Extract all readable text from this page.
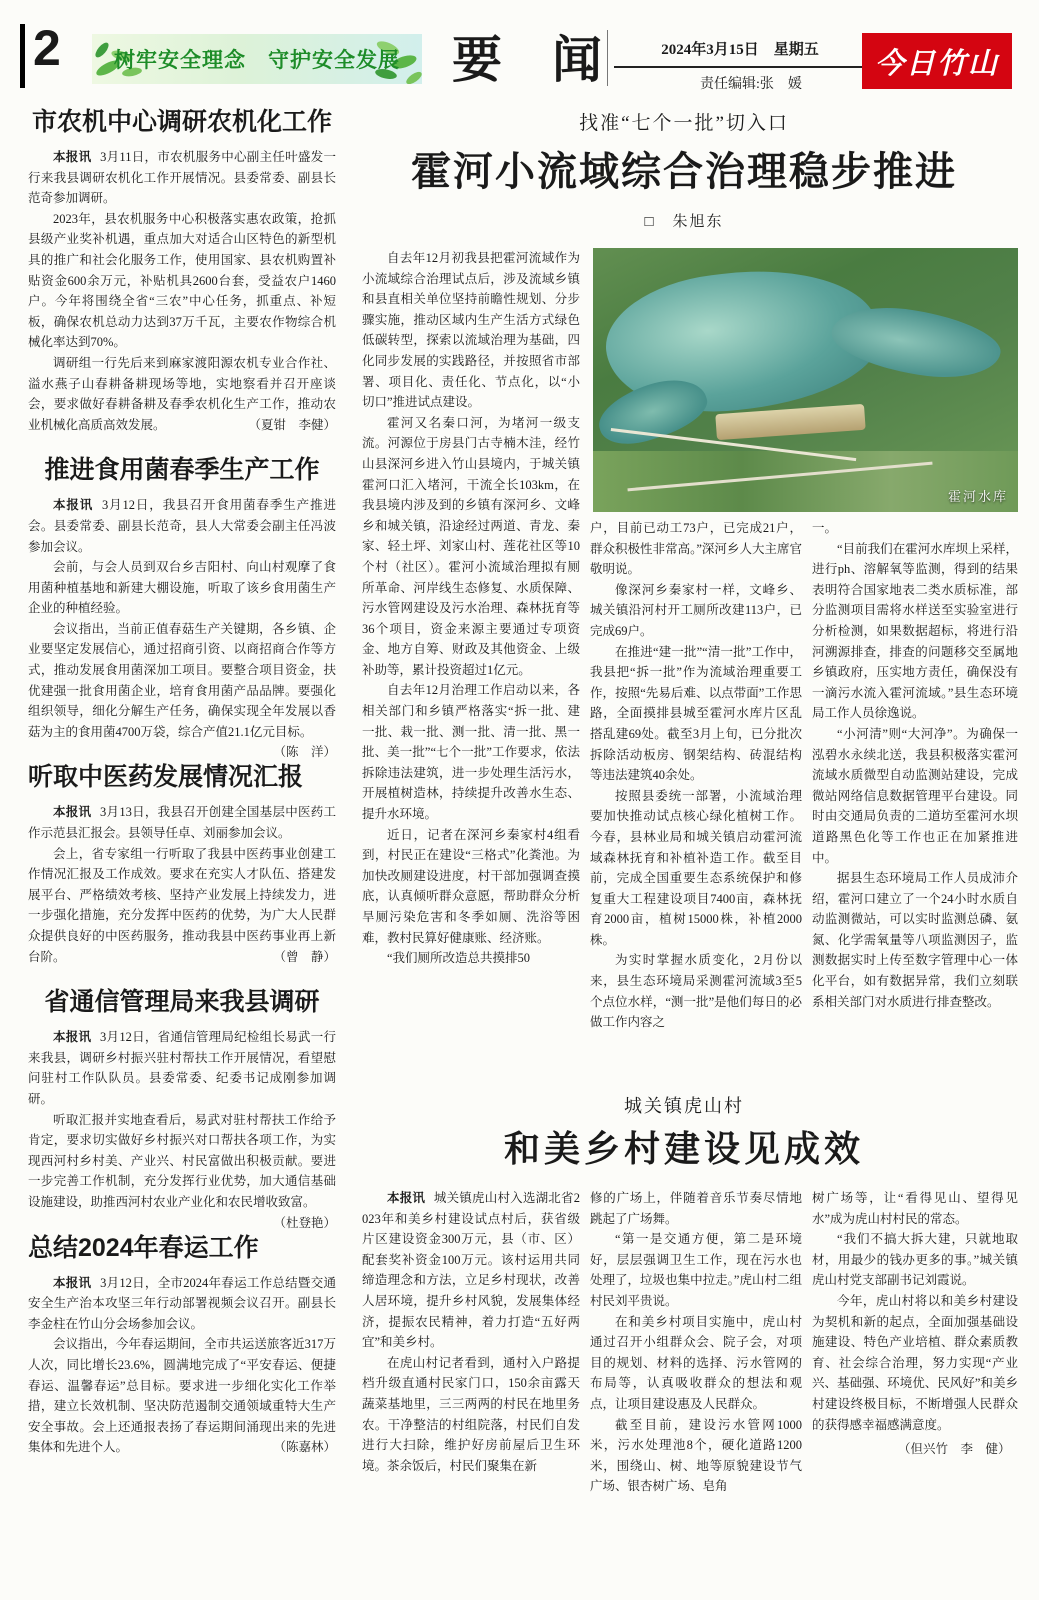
2	树牢安全理念　守护安全发展 要　闻	2024年3月15日　星期五
责任编辑:张　媛
今日竹山
市农机中心调研农机化工作

本报讯 3月11日，市农机服务中心副主任叶盛发一行来我县调研农机化工作开展情况。县委常委、副县长范奇参加调研。

2023年，县农机服务中心积极落实惠农政策，抢抓县级产业奖补机遇，重点加大对适合山区特色的新型机具的推广和社会化服务工作，使用国家、县农机购置补贴资金600余万元，补贴机具2600台套，受益农户1460户。今年将围绕全省“三农”中心任务，抓重点、补短板，确保农机总动力达到37万千瓦，主要农作物综合机械化率达到70%。

调研组一行先后来到麻家渡阳源农机专业合作社、溢水燕子山春耕备耕现场等地，实地察看并召开座谈会，要求做好春耕备耕及春季农机化生产工作，推动农业机械化高质高效发展。	（夏钳　李健）

推进食用菌春季生产工作

本报讯 3月12日，我县召开食用菌春季生产推进会。县委常委、副县长范奇，县人大常委会副主任冯波参加会议。

会前，与会人员到双台乡吉阳村、向山村观摩了食用菌种植基地和新建大棚设施，听取了该乡食用菌生产企业的种植经验。

会议指出，当前正值春菇生产关键期，各乡镇、企业要坚定发展信心，通过招商引资、以商招商合作等方式，推动发展食用菌深加工项目。要整合项目资金，扶优建强一批食用菌企业，培育食用菌产品品牌。要强化组织领导，细化分解生产任务，确保实现全年发展以香菇为主的食用菌4700万袋，综合产值21.1亿元目标。
（陈　洋）

听取中医药发展情况汇报

本报讯 3月13日，我县召开创建全国基层中医药工作示范县汇报会。县领导任卓、刘丽参加会议。

会上，省专家组一行听取了我县中医药事业创建工作情况汇报及工作成效。要求在充实人才队伍、搭建发展平台、严格绩效考核、坚持产业发展上持续发力，进一步强化措施，充分发挥中医药的优势，为广大人民群众提供良好的中医药服务，推动我县中医药事业再上新台阶。	（曾　静）

省通信管理局来我县调研

本报讯 3月12日，省通信管理局纪检组长易武一行来我县，调研乡村振兴驻村帮扶工作开展情况，看望慰问驻村工作队队员。县委常委、纪委书记成刚参加调研。

听取汇报并实地查看后，易武对驻村帮扶工作给予肯定，要求切实做好乡村振兴对口帮扶各项工作，为实现西河村乡村美、产业兴、村民富做出积极贡献。要进一步完善工作机制，充分发挥行业优势，加大通信基础设施建设，助推西河村农业产业化和农民增收致富。
（杜登艳）

总结2024年春运工作

本报讯 3月12日，全市2024年春运工作总结暨交通安全生产治本攻坚三年行动部署视频会议召开。副县长李金柱在竹山分会场参加会议。

会议指出，今年春运期间，全市共运送旅客近317万人次，同比增长23.6%，圆满地完成了“平安春运、便捷春运、温馨春运”总目标。要求进一步细化实化工作举措，建立长效机制、坚决防范遏制交通领域重特大生产安全事故。会上还通报表扬了春运期间涌现出来的先进集体和先进个人。	（陈嘉林）

找准“七个一批”切入口

霍河小流域综合治理稳步推进

□　朱旭东

霍河水库

自去年12月初我县把霍河流域作为小流域综合治理试点后，涉及流域乡镇和县直相关单位坚持前瞻性规划、分步骤实施，推动区域内生产生活方式绿色低碳转型，探索以流域治理为基础，四化同步发展的实践路径，并按照省市部署、项目化、责任化、节点化，以“小切口”推进试点建设。

霍河又名秦口河，为堵河一级支流。河源位于房县门古寺楠木洼，经竹山县深河乡进入竹山县境内，于城关镇霍河口汇入堵河，干流全长103km，在我县境内涉及到的乡镇有深河乡、文峰乡和城关镇，沿途经过两道、青龙、秦家、轻土坪、刘家山村、莲花社区等10个村（社区）。霍河小流域治理拟有厕所革命、河岸线生态修复、水质保障、污水管网建设及污水治理、森林抚育等36个项目，资金来源主要通过专项资金、地方自筹、财政及其他资金、上级补助等，累计投资超过1亿元。

自去年12月治理工作启动以来，各相关部门和乡镇严格落实“拆一批、建一批、栽一批、测一批、清一批、黑一批、美一批”“七个一批”工作要求，依法拆除违法建筑，进一步处理生活污水，开展植树造林，持续提升改善水生态、提升水环境。

近日，记者在深河乡秦家村4组看到，村民正在建设“三格式”化粪池。为加快改厕建设进度，村干部加强调查摸底，认真倾听群众意愿，帮助群众分析旱厕污染危害和冬季如厕、洗浴等困难，教村民算好健康账、经济账。

“我们厕所改造总共摸排50

户，目前已动工73户，已完成21户，群众积极性非常高。”深河乡人大主席官敬明说。

像深河乡秦家村一样，文峰乡、城关镇沿河村开工厕所改建113户，已完成69户。

在推进“建一批”“清一批”工作中，我县把“拆一批”作为流域治理重要工作，按照“先易后难、以点带面”工作思路，全面摸排县城至霍河水库片区乱搭乱建69处。截至3月上旬，已分批次拆除活动板房、钢架结构、砖混结构等违法建筑40余处。

按照县委统一部署，小流域治理要加快推动试点核心绿化植树工作。今春，县林业局和城关镇启动霍河流域森林抚育和补植补造工作。截至目前，完成全国重要生态系统保护和修复重大工程建设项目7400亩，森林抚育2000亩，植树15000株，补植2000株。

为实时掌握水质变化，2月份以来，县生态环境局采测霍河流域3至5个点位水样，“测一批”是他们每日的必做工作内容之

一。

“目前我们在霍河水库坝上采样，进行ph、溶解氧等监测，得到的结果表明符合国家地表二类水质标准，部分监测项目需将水样送至实验室进行分析检测，如果数据超标，将进行沿河溯源排查，排查的问题移交至属地乡镇政府，压实地方责任，确保没有一滴污水流入霍河流域。”县生态环境局工作人员徐逸说。

“小河清”则“大河净”。为确保一泓碧水永续北送，我县积极落实霍河流域水质微型自动监测站建设，完成微站网络信息数据管理平台建设。同时由交通局负责的二道坊至霍河水坝道路黑色化等工作也正在加紧推进中。

据县生态环境局工作人员成沛介绍，霍河口建立了一个24小时水质自动监测微站，可以实时监测总磷、氨氮、化学需氧量等八项监测因子，监测数据实时上传至数字管理中心一体化平台，如有数据异常，我们立刻联系相关部门对水质进行排查整改。

城关镇虎山村

和美乡村建设见成效

本报讯 城关镇虎山村入选湖北省2023年和美乡村建设试点村后，获省级片区建设资金300万元，县（市、区）配套奖补资金100万元。该村运用共同缔造理念和方法，立足乡村现状，改善人居环境，提升乡村风貌，发展集体经济，提振农民精神，着力打造“五好两宜”和美乡村。

在虎山村记者看到，通村入户路提档升级直通村民家门口，150余亩露天蔬菜基地里，三三两两的村民在地里务农。干净整洁的村组院落，村民们自发进行大扫除，维护好房前屋后卫生环境。茶余饭后，村民们聚集在新

修的广场上，伴随着音乐节奏尽情地跳起了广场舞。

“第一是交通方便，第二是环境好，层层强调卫生工作，现在污水也处理了，垃圾也集中拉走。”虎山村二组村民刘平贵说。

在和美乡村项目实施中，虎山村通过召开小组群众会、院子会，对项目的规划、材料的选择、污水管网的布局等，认真吸收群众的想法和观点，让项目建设惠及人民群众。

截至目前，建设污水管网1000米，污水处理池8个，硬化道路1200米，围绕山、树、地等原貌建设节气广场、银杏树广场、皂角

树广场等，让“看得见山、望得见水”成为虎山村村民的常态。

“我们不搞大拆大建，只就地取材，用最少的钱办更多的事。”城关镇虎山村党支部副书记刘霞说。

今年，虎山村将以和美乡村建设为契机和新的起点，全面加强基础设施建设、特色产业培植、群众素质教育、社会综合治理，努力实现“产业兴、基础强、环境优、民风好”和美乡村建设终极目标，不断增强人民群众的获得感幸福感满意度。

（但兴竹　李　健）
